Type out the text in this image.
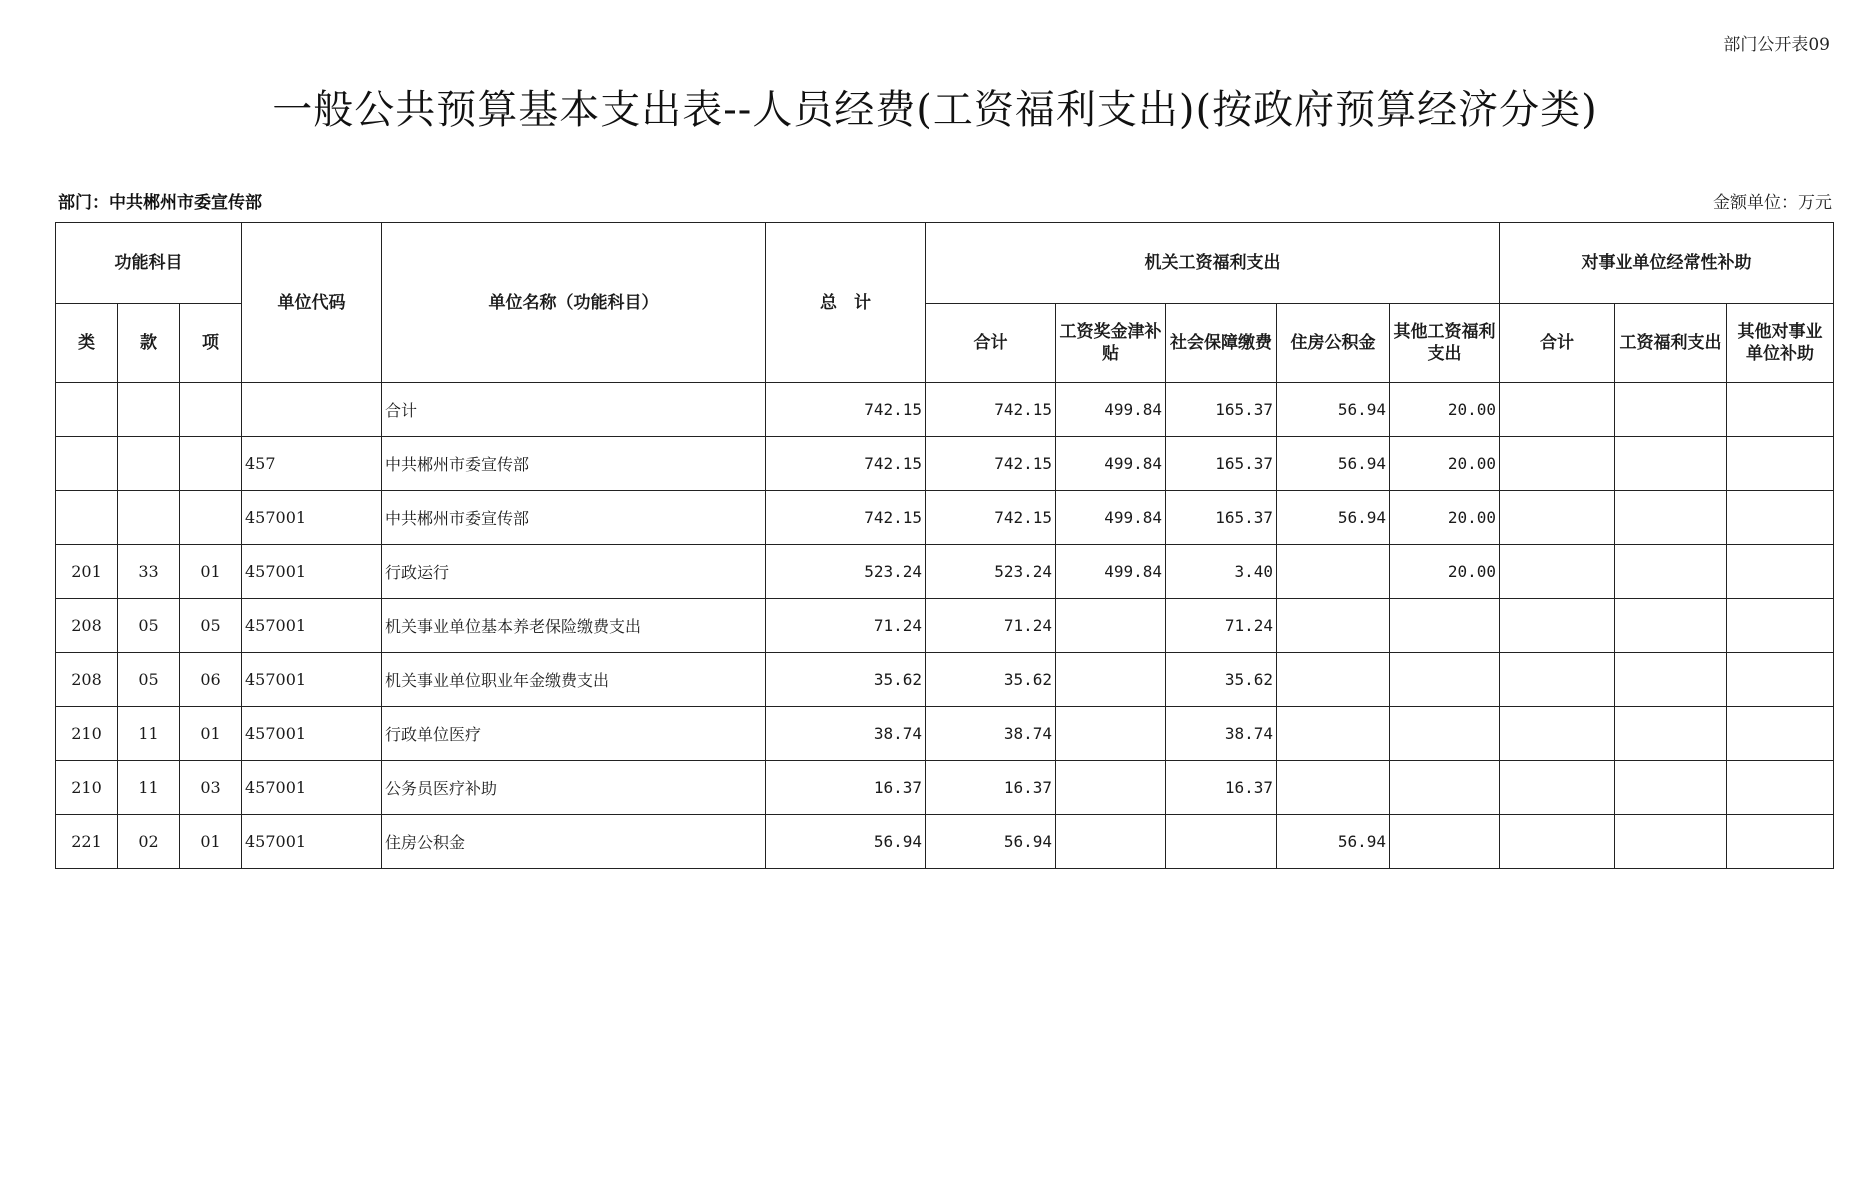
部门公开表09
一般公共预算基本支出表--人员经费(工资福利支出)(按政府预算经济分类)
部门：中共郴州市委宣传部	金额单位：万元
功能科目			单位代码	单位名称（功能科目）	总　计	机关工资福利支出					对事业单位经常性补助		
类	款	项				合计	工资奖金津补贴	社会保障缴费	住房公积金	其他工资福利支出	合计	工资福利支出	其他对事业单位补助
				合计	742.15	742.15	499.84	165.37	56.94	20.00			
			457	中共郴州市委宣传部	742.15	742.15	499.84	165.37	56.94	20.00			
			457001	中共郴州市委宣传部	742.15	742.15	499.84	165.37	56.94	20.00			
201	33	01	457001	行政运行	523.24	523.24	499.84	3.40		20.00			
208	05	05	457001	机关事业单位基本养老保险缴费支出	71.24	71.24		71.24					
208	05	06	457001	机关事业单位职业年金缴费支出	35.62	35.62		35.62					
210	11	01	457001	行政单位医疗	38.74	38.74		38.74					
210	11	03	457001	公务员医疗补助	16.37	16.37		16.37					
221	02	01	457001	住房公积金	56.94	56.94			56.94				
